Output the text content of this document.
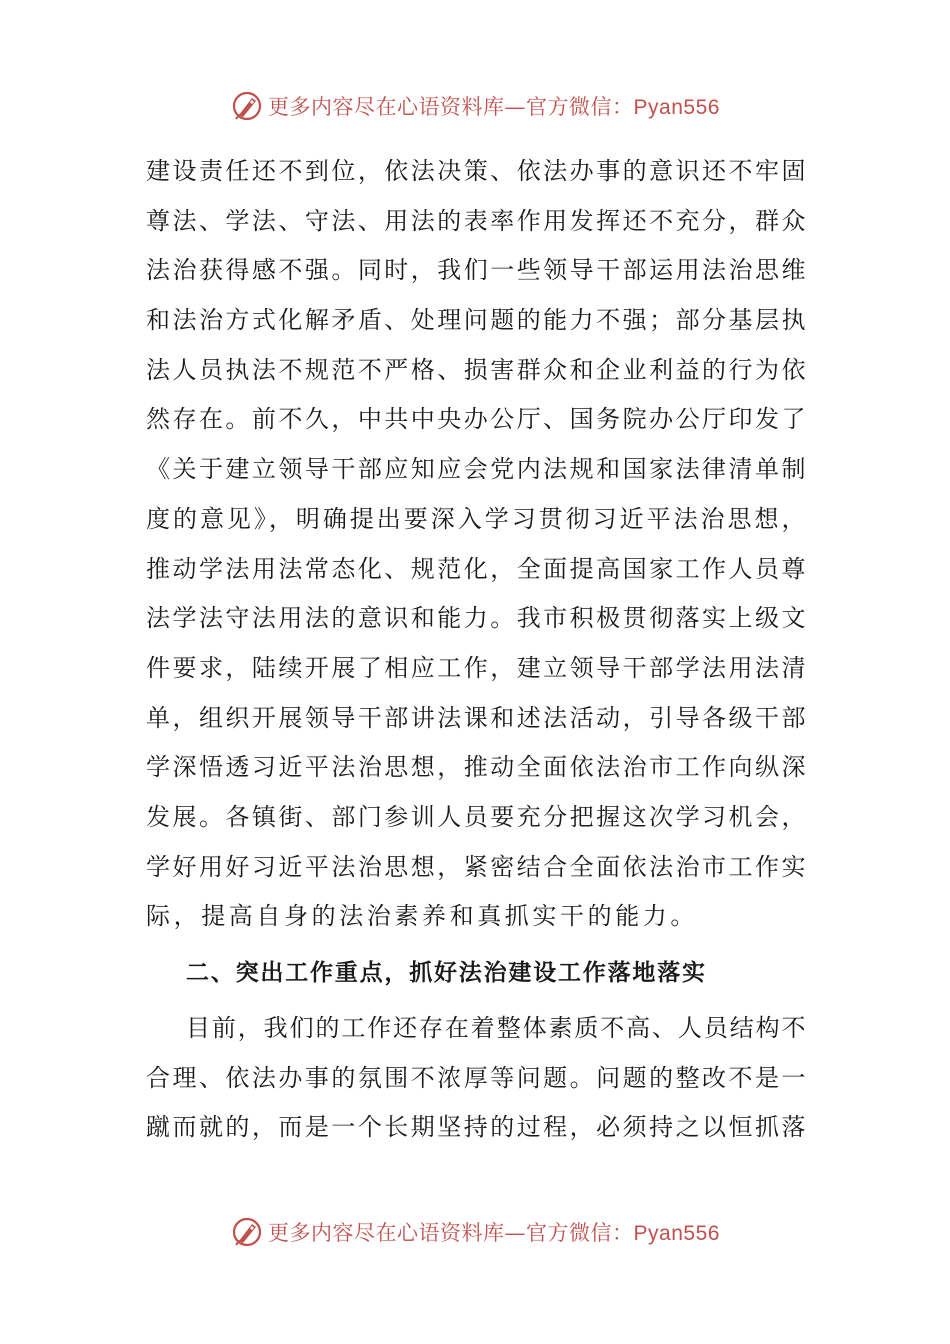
更多内容尽在心语资料库—官方微信：Pyan556
建设责任还不到位，依法决策、依法办事的意识还不牢固
尊法、学法、守法、用法的表率作用发挥还不充分，群众
法治获得感不强。同时，我们一些领导干部运用法治思维
和法治方式化解矛盾、处理问题的能力不强；部分基层执
法人员执法不规范不严格、损害群众和企业利益的行为依
然存在。前不久，中共中央办公厅、国务院办公厅印发了
《关于建立领导干部应知应会党内法规和国家法律清单制
度的意见》，明确提出要深入学习贯彻习近平法治思想，
推动学法用法常态化、规范化，全面提高国家工作人员尊
法学法守法用法的意识和能力。我市积极贯彻落实上级文
件要求，陆续开展了相应工作，建立领导干部学法用法清
单，组织开展领导干部讲法课和述法活动，引导各级干部
学深悟透习近平法治思想，推动全面依法治市工作向纵深
发展。各镇街、部门参训人员要充分把握这次学习机会，
学好用好习近平法治思想，紧密结合全面依法治市工作实
际，提高自身的法治素养和真抓实干的能力。
二、突出工作重点，抓好法治建设工作落地落实
目前，我们的工作还存在着整体素质不高、人员结构不
合理、依法办事的氛围不浓厚等问题。问题的整改不是一
蹴而就的，而是一个长期坚持的过程，必须持之以恒抓落
更多内容尽在心语资料库—官方微信：Pyan556
